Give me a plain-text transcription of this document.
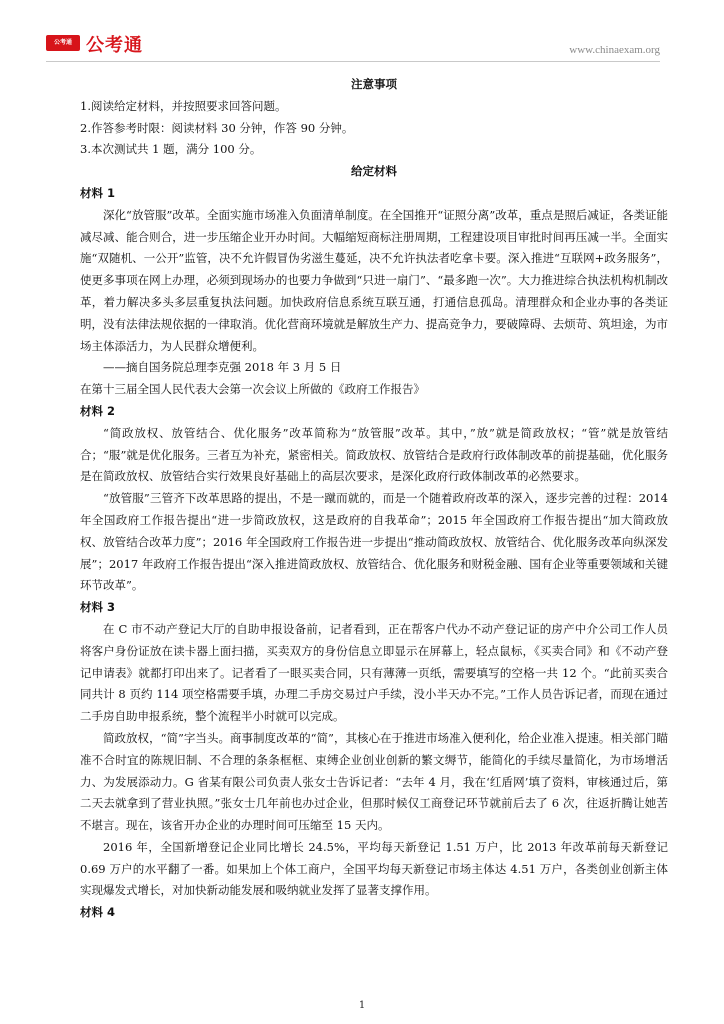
公考通 公考通	www.chinaexam.org

注意事项

1.阅读给定材料，并按照要求回答问题。

2.作答参考时限：阅读材料 30 分钟，作答 90 分钟。

3.本次测试共 1 题，满分 100 分。

给定材料

材料 1

深化“放管服”改革。全面实施市场准入负面清单制度。在全国推开“证照分离”改革，重点是照后减证，各类证能减尽减、能合则合，进一步压缩企业开办时间。大幅缩短商标注册周期，工程建设项目审批时间再压减一半。全面实施“双随机、一公开”监管，决不允许假冒伪劣滋生蔓延，决不允许执法者吃拿卡要。深入推进“互联网+政务服务”，使更多事项在网上办理，必须到现场办的也要力争做到“只进一扇门”、“最多跑一次”。大力推进综合执法机构机制改革，着力解决多头多层重复执法问题。加快政府信息系统互联互通，打通信息孤岛。清理群众和企业办事的各类证明，没有法律法规依据的一律取消。优化营商环境就是解放生产力、提高竞争力，要破障碍、去烦苛、筑坦途，为市场主体添活力，为人民群众增便利。

——摘自国务院总理李克强 2018 年 3 月 5 日

在第十三届全国人民代表大会第一次会议上所做的《政府工作报告》

材料 2

“简政放权、放管结合、优化服务”改革简称为“放管服”改革。其中，”放”就是简政放权；“管”就是放管结合；“服”就是优化服务。三者互为补充，紧密相关。简政放权、放管结合是政府行政体制改革的前提基础，优化服务是在简政放权、放管结合实行效果良好基础上的高层次要求，是深化政府行政体制改革的必然要求。

“放管服”三管齐下改革思路的提出，不是一蹴而就的，而是一个随着政府改革的深入，逐步完善的过程：2014 年全国政府工作报告提出“进一步简政放权，这是政府的自我革命”；2015 年全国政府工作报告提出“加大简政放权、放管结合改革力度”；2016 年全国政府工作报告进一步提出“推动简政放权、放管结合、优化服务改革向纵深发展”；2017 年政府工作报告提出“深入推进简政放权、放管结合、优化服务和财税金融、国有企业等重要领域和关键环节改革”。

材料 3

在 C 市不动产登记大厅的自助申报设备前，记者看到，正在帮客户代办不动产登记证的房产中介公司工作人员将客户身份证放在读卡器上面扫描，买卖双方的身份信息立即显示在屏幕上，轻点鼠标，《买卖合同》和《不动产登记申请表》就都打印出来了。记者看了一眼买卖合同，只有薄薄一页纸，需要填写的空格一共 12 个。“此前买卖合同共计 8 页约 114 项空格需要手填，办理二手房交易过户手续，没小半天办不完。”工作人员告诉记者，而现在通过二手房自助申报系统，整个流程半小时就可以完成。

简政放权，“简”字当头。商事制度改革的“简”，其核心在于推进市场准入便利化，给企业准入提速。相关部门瞄准不合时宜的陈规旧制、不合理的条条框框、束缚企业创业创新的繁文缛节，能简化的手续尽量简化，为市场增活力、为发展添动力。G 省某有限公司负责人张女士告诉记者：“去年 4 月，我在‘红盾网’填了资料，审核通过后，第二天去就拿到了营业执照。”张女士几年前也办过企业，但那时候仅工商登记环节就前后去了 6 次，往返折腾让她苦不堪言。现在，该省开办企业的办理时间可压缩至 15 天内。

2016 年，全国新增登记企业同比增长 24.5%，平均每天新登记 1.51 万户，比 2013 年改革前每天新登记 0.69 万户的水平翻了一番。如果加上个体工商户，全国平均每天新登记市场主体达 4.51 万户，各类创业创新主体实现爆发式增长，对加快新动能发展和吸纳就业发挥了显著支撑作用。

材料 4

1
